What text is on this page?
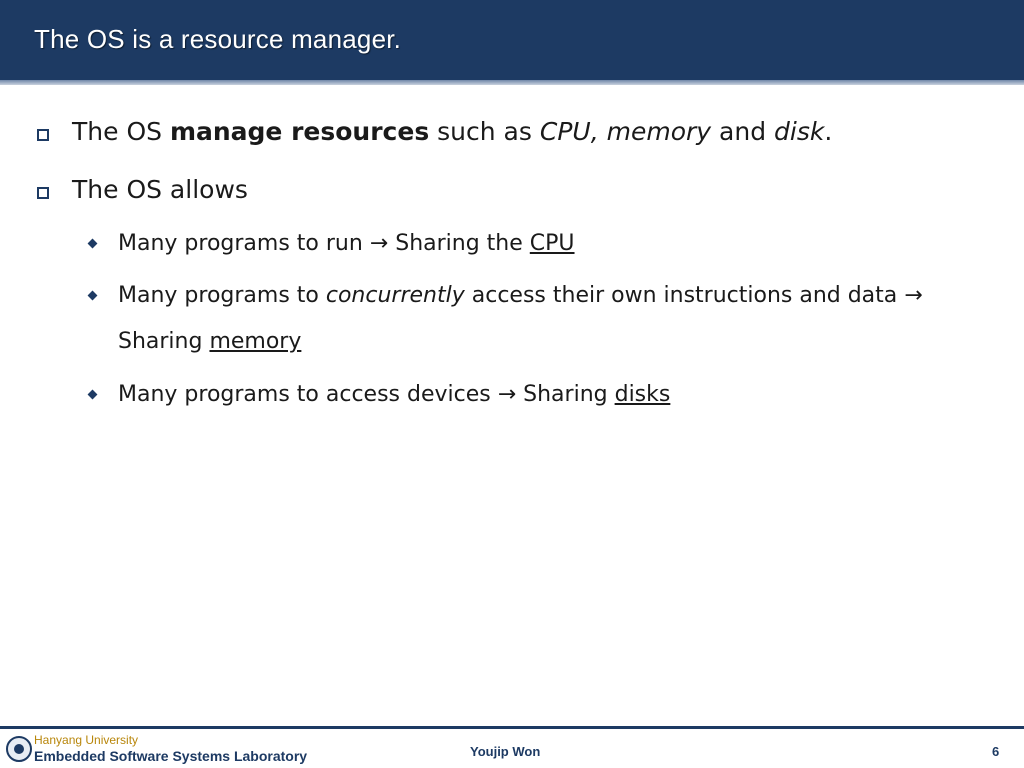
The OS is a resource manager.
The OS manage resources such as CPU, memory and disk.
The OS allows
Many programs to run → Sharing the CPU
Many programs to concurrently access their own instructions and data →
Sharing memory
Many programs to access devices → Sharing disks
Hanyang University
Embedded Software Systems Laboratory	Youjip Won	6
